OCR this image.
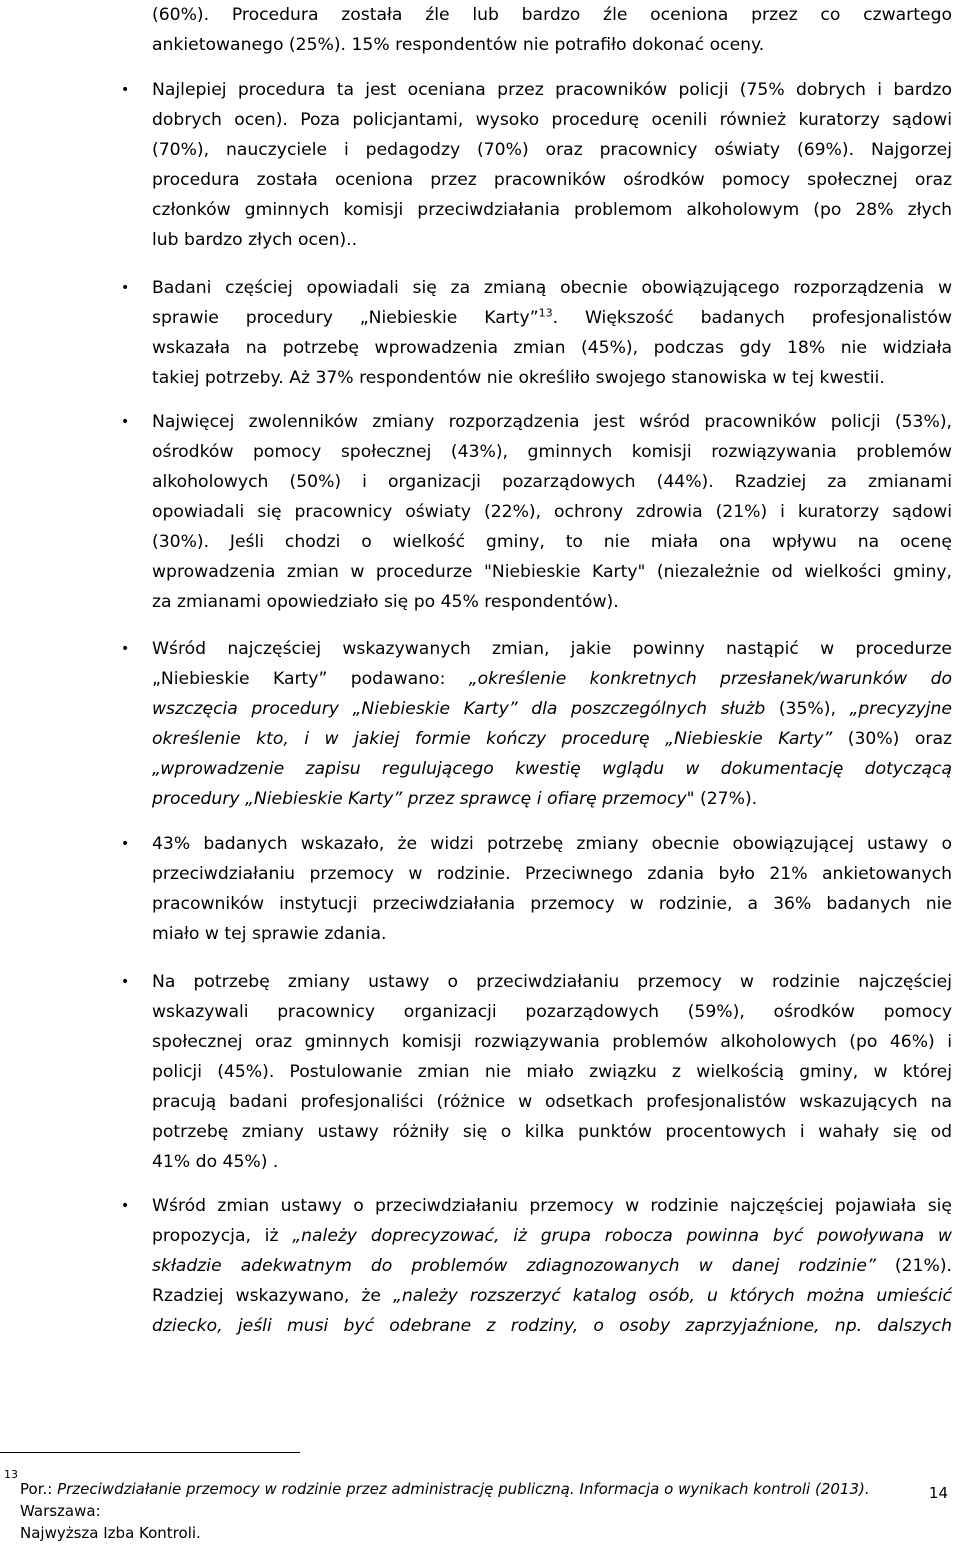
(60%). Procedura została źle lub bardzo źle oceniona przez co czwartego
ankietowanego (25%). 15% respondentów nie potrafiło dokonać oceny.

• Najlepiej procedura ta jest oceniana przez pracowników policji (75% dobrych i bardzo
dobrych ocen). Poza policjantami, wysoko procedurę ocenili również kuratorzy sądowi
(70%), nauczyciele i pedagodzy (70%) oraz pracownicy oświaty (69%). Najgorzej
procedura została oceniona przez pracowników ośrodków pomocy społecznej oraz
członków gminnych komisji przeciwdziałania problemom alkoholowym (po 28% złych
lub bardzo złych ocen)..

• Badani częściej opowiadali się za zmianą obecnie obowiązującego rozporządzenia w
sprawie procedury „Niebieskie Karty”$^{13}$. Większość badanych profesjonalistów
wskazała na potrzebę wprowadzenia zmian (45%), podczas gdy 18% nie widziała
takiej potrzeby. Aż 37% respondentów nie określiło swojego stanowiska w tej kwestii.

• Najwięcej zwolenników zmiany rozporządzenia jest wśród pracowników policji (53%),
ośrodków pomocy społecznej (43%), gminnych komisji rozwiązywania problemów
alkoholowych (50%) i organizacji pozarządowych (44%). Rzadziej za zmianami
opowiadali się pracownicy oświaty (22%), ochrony zdrowia (21%) i kuratorzy sądowi
(30%). Jeśli chodzi o wielkość gminy, to nie miała ona wpływu na ocenę
wprowadzenia zmian w procedurze "Niebieskie Karty" (niezależnie od wielkości gminy,
za zmianami opowiedziało się po 45% respondentów).

• Wśród najczęściej wskazywanych zmian, jakie powinny nastąpić w procedurze
„Niebieskie Karty” podawano: „określenie konkretnych przesłanek/warunków do
wszczęcia procedury „Niebieskie Karty” dla poszczególnych służb (35%), „precyzyjne
określenie kto, i w jakiej formie kończy procedurę „Niebieskie Karty” (30%) oraz
„wprowadzenie zapisu regulującego kwestię wglądu w dokumentację dotyczącą
procedury „Niebieskie Karty” przez sprawcę i ofiarę przemocy" (27%).

• 43% badanych wskazało, że widzi potrzebę zmiany obecnie obowiązującej ustawy o
przeciwdziałaniu przemocy w rodzinie. Przeciwnego zdania było 21% ankietowanych
pracowników instytucji przeciwdziałania przemocy w rodzinie, a 36% badanych nie
miało w tej sprawie zdania.

• Na potrzebę zmiany ustawy o przeciwdziałaniu przemocy w rodzinie najczęściej
wskazywali pracownicy organizacji pozarządowych (59%), ośrodków pomocy
społecznej oraz gminnych komisji rozwiązywania problemów alkoholowych (po 46%) i
policji (45%). Postulowanie zmian nie miało związku z wielkością gminy, w której
pracują badani profesjonaliści (różnice w odsetkach profesjonalistów wskazujących na
potrzebę zmiany ustawy różniły się o kilka punktów procentowych i wahały się od
41% do 45%) .

• Wśród zmian ustawy o przeciwdziałaniu przemocy w rodzinie najczęściej pojawiała się
propozycja, iż „należy doprecyzować, iż grupa robocza powinna być powoływana w
składzie adekwatnym do problemów zdiagnozowanych w danej rodzinie” (21%).
Rzadziej wskazywano, że „należy rozszerzyć katalog osób, u których można umieścić
dziecko, jeśli musi być odebrane z rodziny, o osoby zaprzyjaźnione, np. dalszych

13
Por.: Przeciwdziałanie przemocy w rodzinie przez administrację publiczną. Informacja o wynikach kontroli (2013). Warszawa:
Najwyższa Izba Kontroli.
14
